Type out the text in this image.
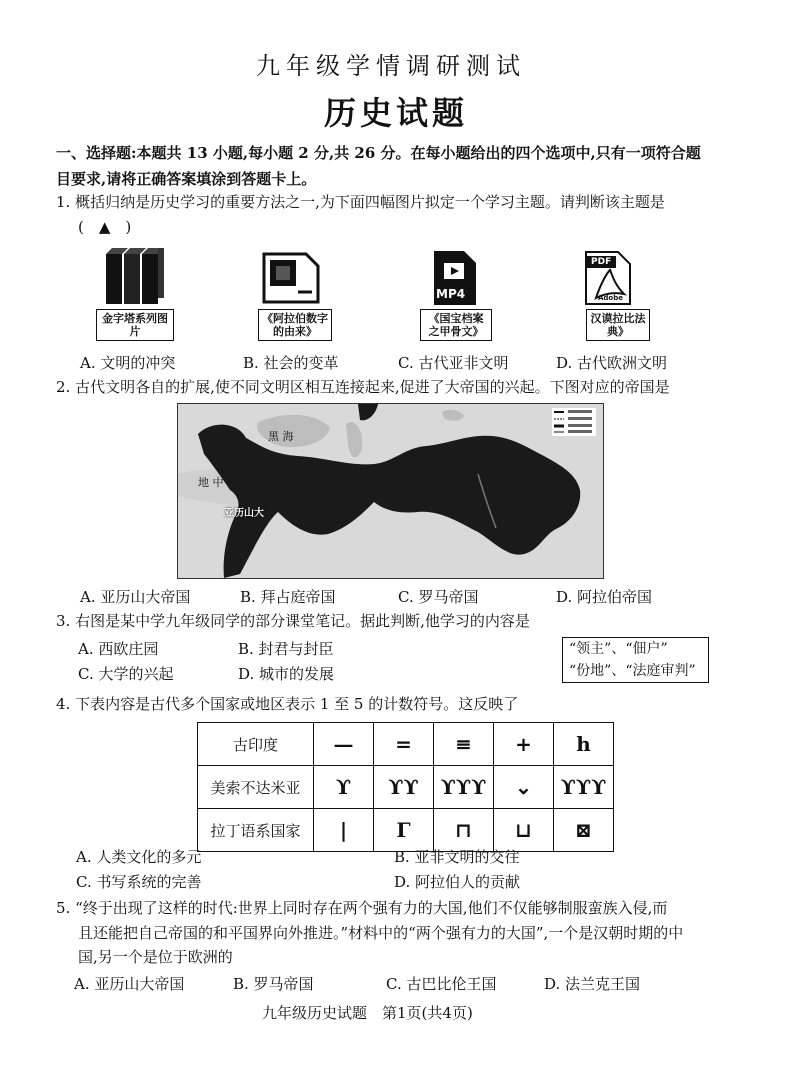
九年级学情调研测试
历史试题
一、选择题:本题共 13 小题,每小题 2 分,共 26 分。在每小题给出的四个选项中,只有一项符合题
目要求,请将正确答案填涂到答题卡上。
1. 概括归纳是历史学习的重要方法之一,为下面四幅图片拟定一个学习主题。请判断该主题是
(　▲　)
金字塔系列图片
《阿拉伯数字的由来》
MP4
《国宝档案之甲骨文》
PDF
Adobe
汉谟拉比法典》
A. 文明的冲突	B. 社会的变革	C. 古代亚非文明	D. 古代欧洲文明
2. 古代文明各自的扩展,使不同文明区相互连接起来,促进了大帝国的兴起。下图对应的帝国是
黑 海
地 中
亚历山大
A. 亚历山大帝国	B. 拜占庭帝国	C. 罗马帝国	D. 阿拉伯帝国
3. 右图是某中学九年级同学的部分课堂笔记。据此判断,他学习的内容是
A. 西欧庄园	B. 封君与封臣
C. 大学的兴起	D. 城市的发展
“领主”、“佃户”
“份地”、“法庭审判”
4. 下表内容是古代多个国家或地区表示 1 至 5 的计数符号。这反映了
古印度	—	=	≡	+	h
美索不达米亚	ϒ	ϒϒ	ϒϒϒ	⌄	ϒϒϒ
拉丁语系国家	|	Γ	⊓	⊔	⊠
A. 人类文化的多元	B. 亚非文明的交往
C. 书写系统的完善	D. 阿拉伯人的贡献
5. “终于出现了这样的时代:世界上同时存在两个强有力的大国,他们不仅能够制服蛮族入侵,而
且还能把自己帝国的和平国界向外推进。”材料中的“两个强有力的大国”,一个是汉朝时期的中
国,另一个是位于欧洲的
A. 亚历山大帝国	B. 罗马帝国	C. 古巴比伦王国	D. 法兰克王国
九年级历史试题　第1页(共4页)
